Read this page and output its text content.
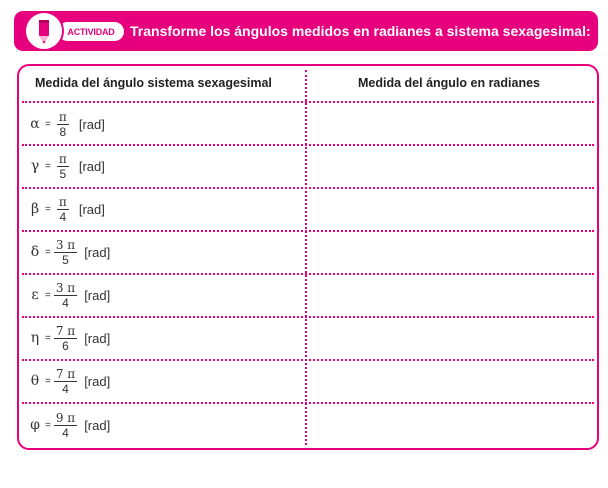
ACTIVIDAD	Transforme los ángulos medidos en radianes a sistema sexagesimal:
Medida del ángulo sistema sexagesimal	Medida del ángulo en radianes
$\alpha = \frac{\pi}{8} [rad]$
$\gamma = \frac{\pi}{5} [rad]$
$\beta = \frac{\pi}{4} [rad]$
$\delta = \frac{3 \pi}{5} [rad]$
$\varepsilon = \frac{3 \pi}{4} [rad]$
$\eta = \frac{7 \pi}{6} [rad]$
$\theta = \frac{7 \pi}{4} [rad]$
$\varphi = \frac{9 \pi}{4} [rad]$
